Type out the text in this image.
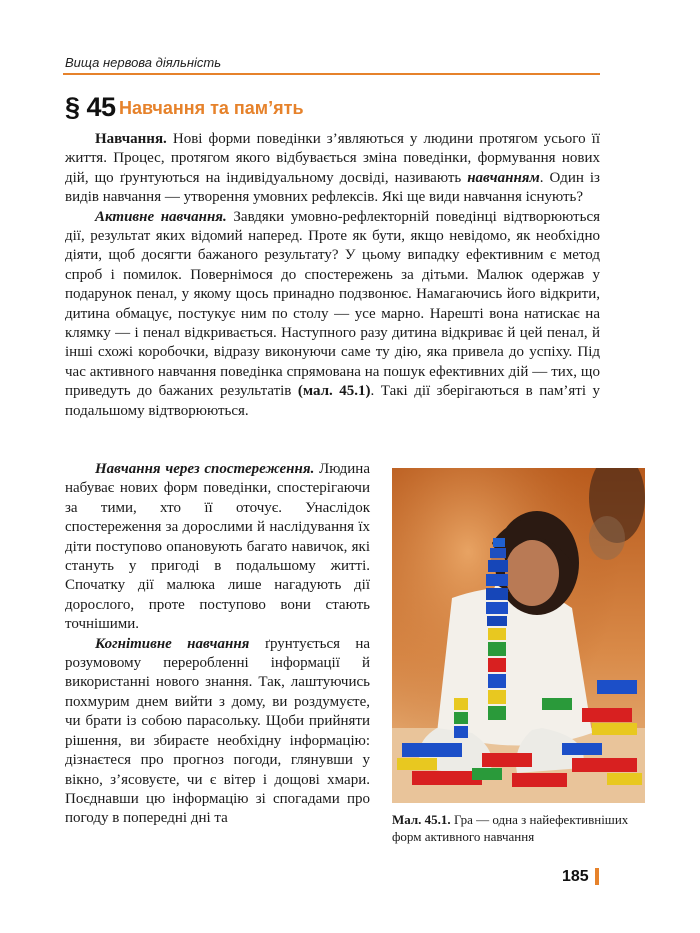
Вища нервова діяльність
§ 45 Навчання та пам’ять

Навчання. Нові форми поведінки з’являються у людини протягом усього її життя. Процес, протягом якого відбувається зміна поведінки, формування нових дій, що ґрунтуються на індивідуальному досвіді, називають навчанням. Один із видів навчання — утворення умовних рефлексів. Які ще види навчання існують?

Активне навчання. Завдяки умовно-рефлекторній поведінці відтворюються дії, результат яких відомий наперед. Проте як бути, якщо невідомо, як необхідно діяти, щоб досягти бажаного результату? У цьому випадку ефективним є метод спроб і помилок. Повернімося до спостережень за дітьми. Малюк одержав у подарунок пенал, у якому щось принадно подзвонює. Намагаючись його відкрити, дитина обмацує, постукує ним по столу — усе марно. Нарешті вона натискає на клямку — і пенал відкривається. Наступного разу дитина відкриває й цей пенал, й інші схожі коробочки, відразу виконуючи саме ту дію, яка привела до успіху. Під час активного навчання поведінка спрямована на пошук ефективних дій — тих, що приведуть до бажаних результатів (мал. 45.1). Такі дії зберігаються в пам’яті у подальшому відтворюються.

Навчання через спостереження. Людина набуває нових форм поведінки, спостерігаючи за тими, хто її оточує. Унаслідок спостереження за дорослими й наслідування їх діти поступово опановують багато навичок, які стануть у пригоді в подальшому житті. Спочатку дії малюка лише нагадують дії дорослого, проте поступово вони стають точнішими.

Когнітивне навчання ґрунтується на розумовому переробленні інформації й використанні нового знання. Так, лаштуючись похмурим днем вийти з дому, ви роздумуєте, чи брати із собою парасольку. Щоби прийняти рішення, ви збираєте необхідну інформацію: дізнаєтеся про прогноз погоди, глянувши у вікно, з’ясовуєте, чи є вітер і дощові хмари. Поєднавши цю інформацію зі спогадами про погоду в попередні дні та	Мал. 45.1. Гра — одна з найефективніших форм активного навчання
185
